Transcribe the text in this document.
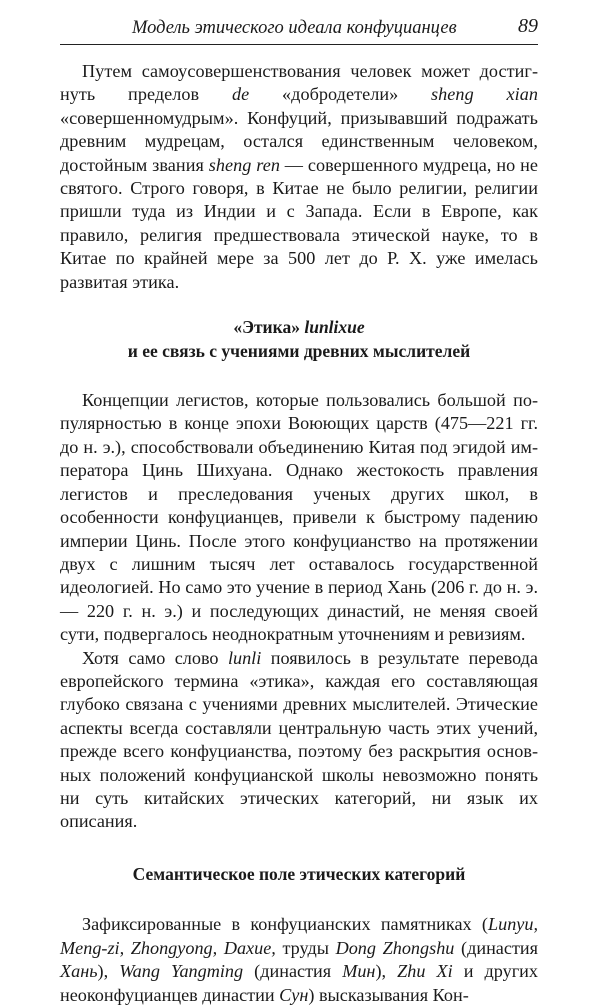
Модель этического идеала конфуцианцев	89

Путем самоусовершенствования человек может достигнуть пределов de «добродетели» sheng xian «совершенномудрым». Конфуций, призывавший подражать древним мудрецам, остался единственным человеком, достойным звания sheng ren — совершенного мудреца, но не святого. Строго говоря, в Китае не было религии, религии пришли туда из Индии и с Запада. Если в Европе, как правило, религия предшествовала этической науке, то в Китае по крайней мере за 500 лет до Р. Х. уже имелась развитая этика.

«Этика» lunlixue
и ее связь с учениями древних мыслителей

Концепции легистов, которые пользовались большой популярностью в конце эпохи Воюющих царств (475—221 гг. до н. э.), способствовали объединению Китая под эгидой императора Цинь Шихуана. Однако жестокость правления легистов и преследования ученых других школ, в особенности конфуцианцев, привели к быстрому падению империи Цинь. После этого конфуцианство на протяжении двух с лишним тысяч лет оставалось государственной идеологией. Но само это учение в период Хань (206 г. до н. э. — 220 г. н. э.) и последующих династий, не меняя своей сути, подвергалось неоднократным уточнениям и ревизиям.

Хотя само слово lunli появилось в результате перевода европейского термина «этика», каждая его составляющая глубоко связана с учениями древних мыслителей. Этические аспекты всегда составляли центральную часть этих учений, прежде всего конфуцианства, поэтому без раскрытия основных положений конфуцианской школы невозможно понять ни суть китайских этических категорий, ни язык их описания.

Семантическое поле этических категорий

Зафиксированные в конфуцианских памятниках (Lunyu, Meng-zi, Zhongyong, Daxue, труды Dong Zhongshu (династия Хань), Wang Yangming (династия Мин), Zhu Xi и других неоконфуцианцев династии Сун) высказывания Кон-
